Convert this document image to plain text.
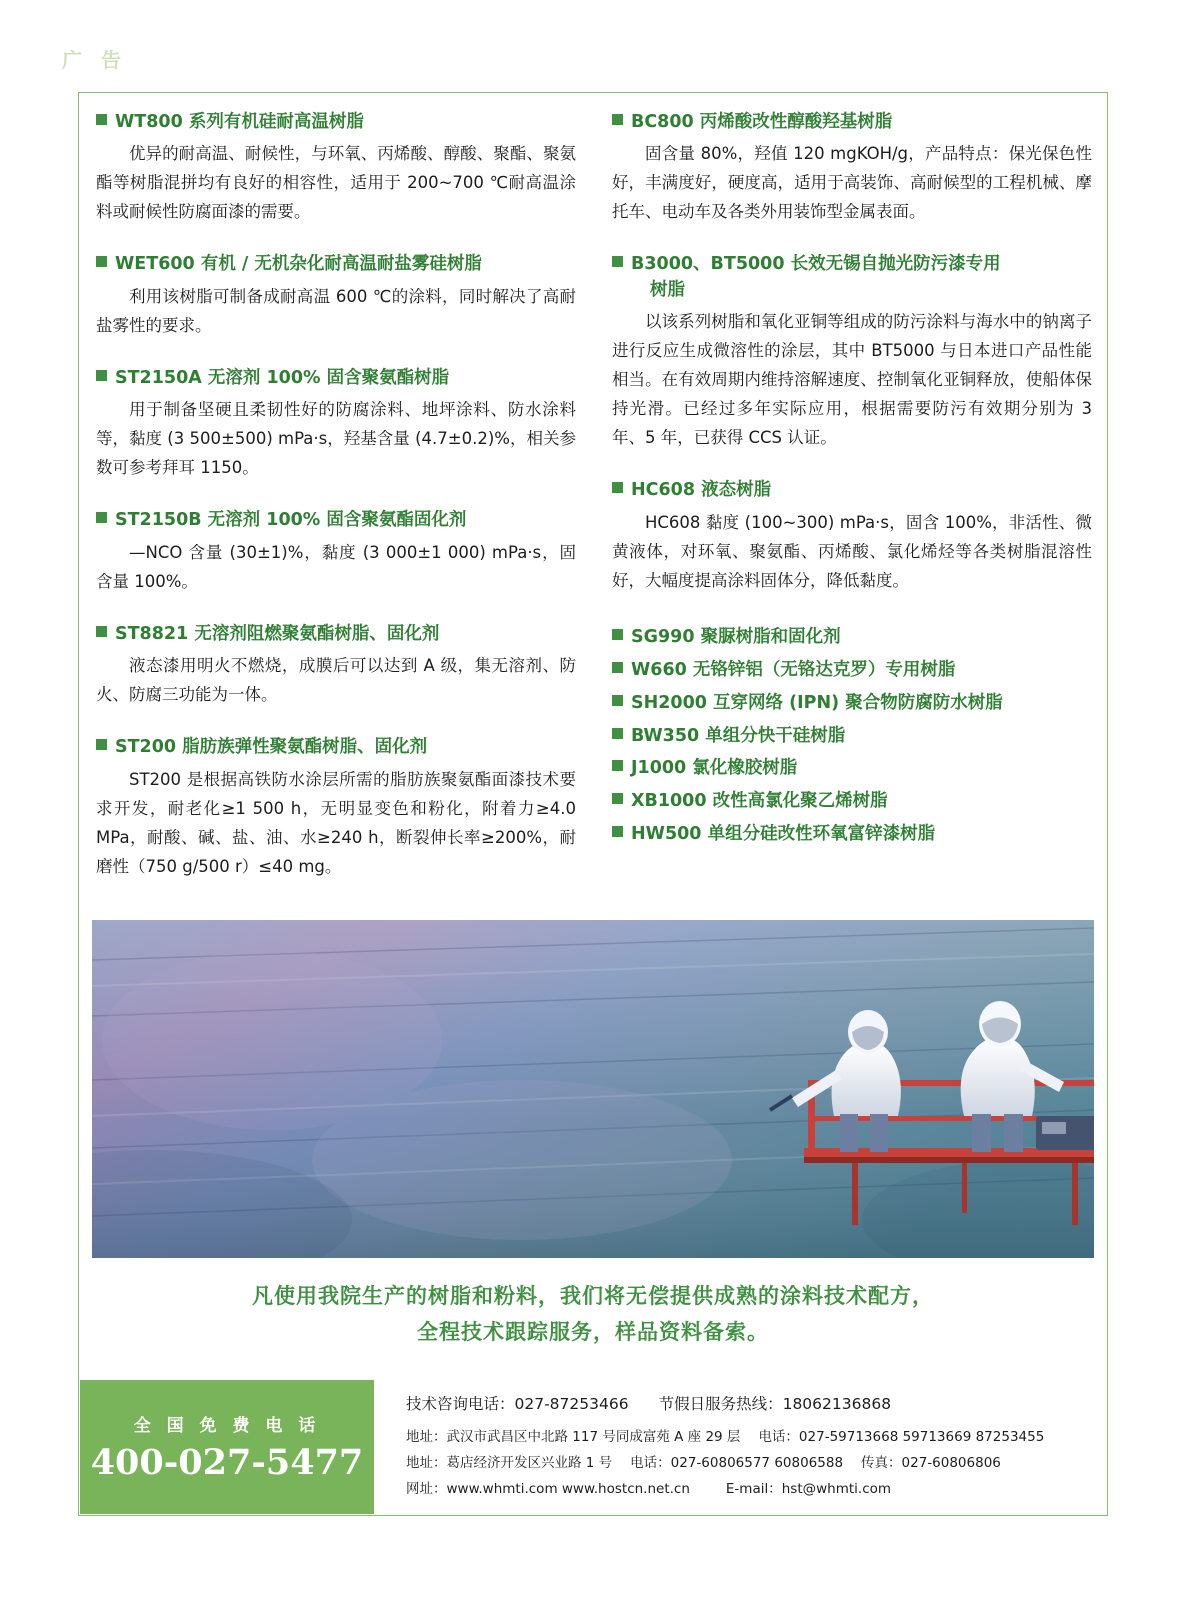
广 告
WT800 系列有机硅耐高温树脂
优异的耐高温、耐候性，与环氧、丙烯酸、醇酸、聚酯、聚氨酯等树脂混拼均有良好的相容性，适用于 200~700 ℃耐高温涂料或耐候性防腐面漆的需要。
WET600 有机 / 无机杂化耐高温耐盐雾硅树脂
利用该树脂可制备成耐高温 600 ℃的涂料，同时解决了高耐盐雾性的要求。
ST2150A 无溶剂 100% 固含聚氨酯树脂
用于制备坚硬且柔韧性好的防腐涂料、地坪涂料、防水涂料等，黏度 (3 500±500) mPa·s，羟基含量 (4.7±0.2)%，相关参数可参考拜耳 1150。
ST2150B 无溶剂 100% 固含聚氨酯固化剂
—NCO 含量 (30±1)%，黏度 (3 000±1 000) mPa·s，固含量 100%。
ST8821 无溶剂阻燃聚氨酯树脂、固化剂
液态漆用明火不燃烧，成膜后可以达到 A 级，集无溶剂、防火、防腐三功能为一体。
ST200 脂肪族弹性聚氨酯树脂、固化剂
ST200 是根据高铁防水涂层所需的脂肪族聚氨酯面漆技术要求开发，耐老化≥1 500 h，无明显变色和粉化，附着力≥4.0 MPa，耐酸、碱、盐、油、水≥240 h，断裂伸长率≥200%，耐磨性（750 g/500 r）≤40 mg。
BC800 丙烯酸改性醇酸羟基树脂
固含量 80%，羟值 120 mgKOH/g，产品特点：保光保色性好，丰满度好，硬度高，适用于高装饰、高耐候型的工程机械、摩托车、电动车及各类外用装饰型金属表面。
B3000、BT5000 长效无锡自抛光防污漆专用
树脂
以该系列树脂和氧化亚铜等组成的防污涂料与海水中的钠离子进行反应生成微溶性的涂层，其中 BT5000 与日本进口产品性能相当。在有效周期内维持溶解速度、控制氧化亚铜释放，使船体保持光滑。已经过多年实际应用，根据需要防污有效期分别为 3 年、5 年，已获得 CCS 认证。
HC608 液态树脂
HC608 黏度 (100~300) mPa·s，固含 100%，非活性、微黄液体，对环氧、聚氨酯、丙烯酸、氯化烯烃等各类树脂混溶性好，大幅度提高涂料固体分，降低黏度。
SG990 聚脲树脂和固化剂
W660 无铬锌铝（无铬达克罗）专用树脂
SH2000 互穿网络 (IPN) 聚合物防腐防水树脂
BW350 单组分快干硅树脂
J1000 氯化橡胶树脂
XB1000 改性高氯化聚乙烯树脂
HW500 单组分硅改性环氧富锌漆树脂
凡使用我院生产的树脂和粉料，我们将无偿提供成熟的涂料技术配方，
全程技术跟踪服务，样品资料备索。
全 国 免 费 电 话
400-027-5477
技术咨询电话：027-87253466 节假日服务热线：18062136868
地址：武汉市武昌区中北路 117 号同成富苑 A 座 29 层 电话：027-59713668 59713669 87253455
地址：葛店经济开发区兴业路 1 号 电话：027-60806577 60806588 传真：027-60806806
网址：www.whmti.com www.hostcn.net.cn	E-mail：hst@whmti.com
